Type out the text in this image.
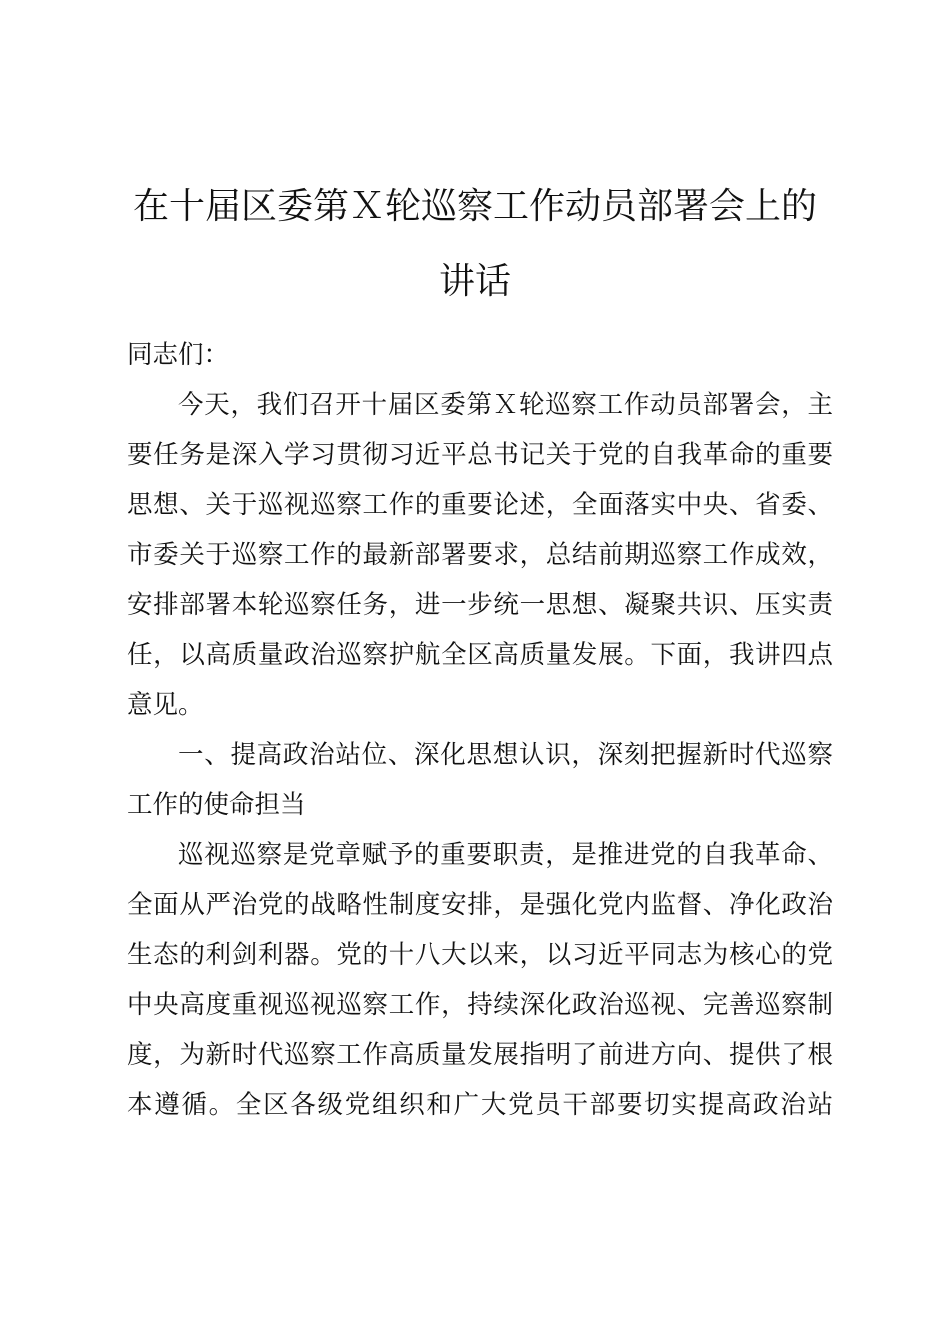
在十届区委第Ｘ轮巡察工作动员部署会上的
讲话

同志们：

今天，我们召开十届区委第Ｘ轮巡察工作动员部署会，主

要任务是深入学习贯彻习近平总书记关于党的自我革命的重要

思想、关于巡视巡察工作的重要论述，全面落实中央、省委、

市委关于巡察工作的最新部署要求，总结前期巡察工作成效，

安排部署本轮巡察任务，进一步统一思想、凝聚共识、压实责

任，以高质量政治巡察护航全区高质量发展。下面，我讲四点

意见。

一、提高政治站位、深化思想认识，深刻把握新时代巡察

工作的使命担当

巡视巡察是党章赋予的重要职责，是推进党的自我革命、

全面从严治党的战略性制度安排，是强化党内监督、净化政治

生态的利剑利器。党的十八大以来，以习近平同志为核心的党

中央高度重视巡视巡察工作，持续深化政治巡视、完善巡察制

度，为新时代巡察工作高质量发展指明了前进方向、提供了根

本遵循。全区各级党组织和广大党员干部要切实提高政治站
